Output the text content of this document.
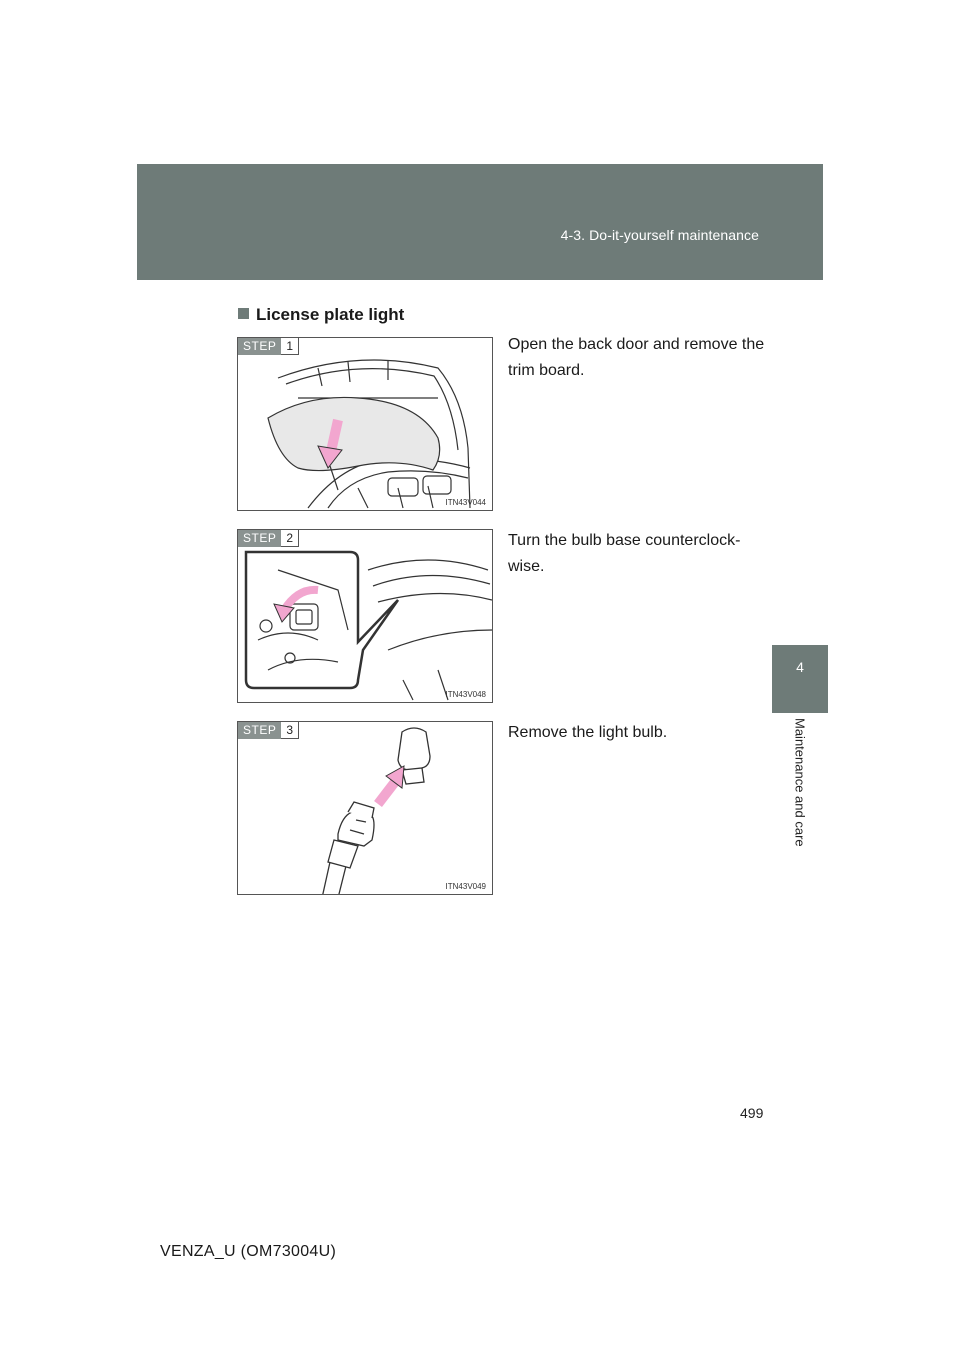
4-3. Do-it-yourself maintenance
4
Maintenance and care
License plate light
STEP 1
ITN43V044
Open the back door and remove the trim board.
STEP 2
ITN43V048
Turn the bulb base counterclock-wise.
STEP 3
ITN43V049
Remove the light bulb.
499
VENZA_U (OM73004U)
